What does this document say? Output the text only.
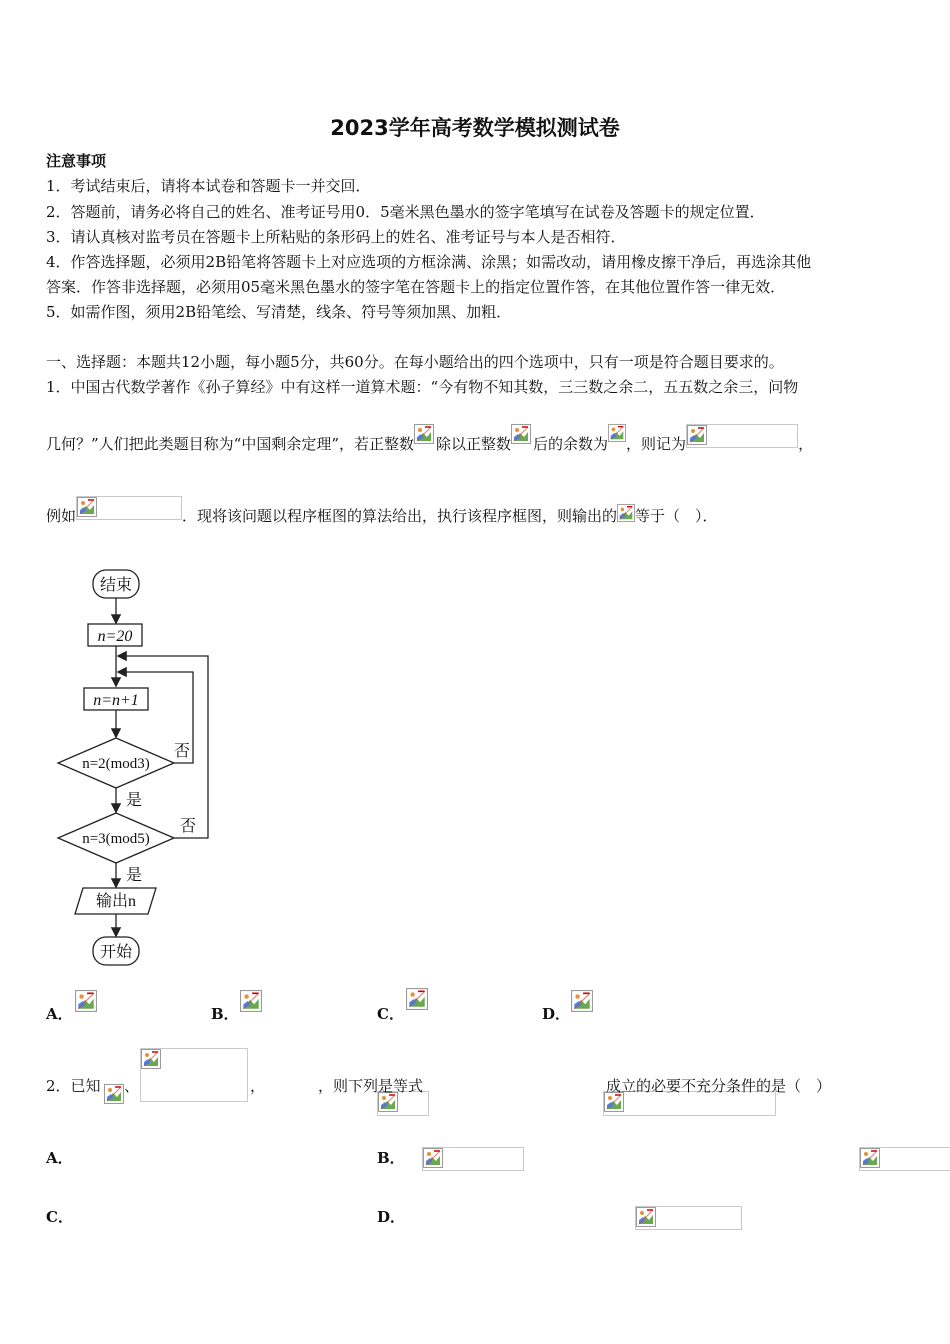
2023学年高考数学模拟测试卷
注意事项
1．考试结束后，请将本试卷和答题卡一并交回．
2．答题前，请务必将自己的姓名、准考证号用0．5毫米黑色墨水的签字笔填写在试卷及答题卡的规定位置．
3．请认真核对监考员在答题卡上所粘贴的条形码上的姓名、准考证号与本人是否相符．
4．作答选择题，必须用2B铅笔将答题卡上对应选项的方框涂满、涂黑；如需改动，请用橡皮擦干净后，再选涂其他
答案．作答非选择题，必须用05毫米黑色墨水的签字笔在答题卡上的指定位置作答，在其他位置作答一律无效．
5．如需作图，须用2B铅笔绘、写清楚，线条、符号等须加黑、加粗．
一、选择题：本题共12小题，每小题5分，共60分。在每小题给出的四个选项中，只有一项是符合题目要求的。
1．中国古代数学著作《孙子算经》中有这样一道算术题：“今有物不知其数，三三数之余二，五五数之余三，问物
几何？”人们把此类题目称为“中国剩余定理”，若正整数 除以正整数 后的余数为 ，则记为	，
例如	．现将该问题以程序框图的算法给出，执行该程序框图，则输出的 等于（　）．
结束
n=20
n=n+1
n=2(mod3)
n=3(mod5)
输出n
开始
是
是
否
否
A．	B．	C．	D．
2．已知 、
	，
	，则下列是等式
	成立的必要不充分条件的是（　）
A．
	B．

C．
	D．
